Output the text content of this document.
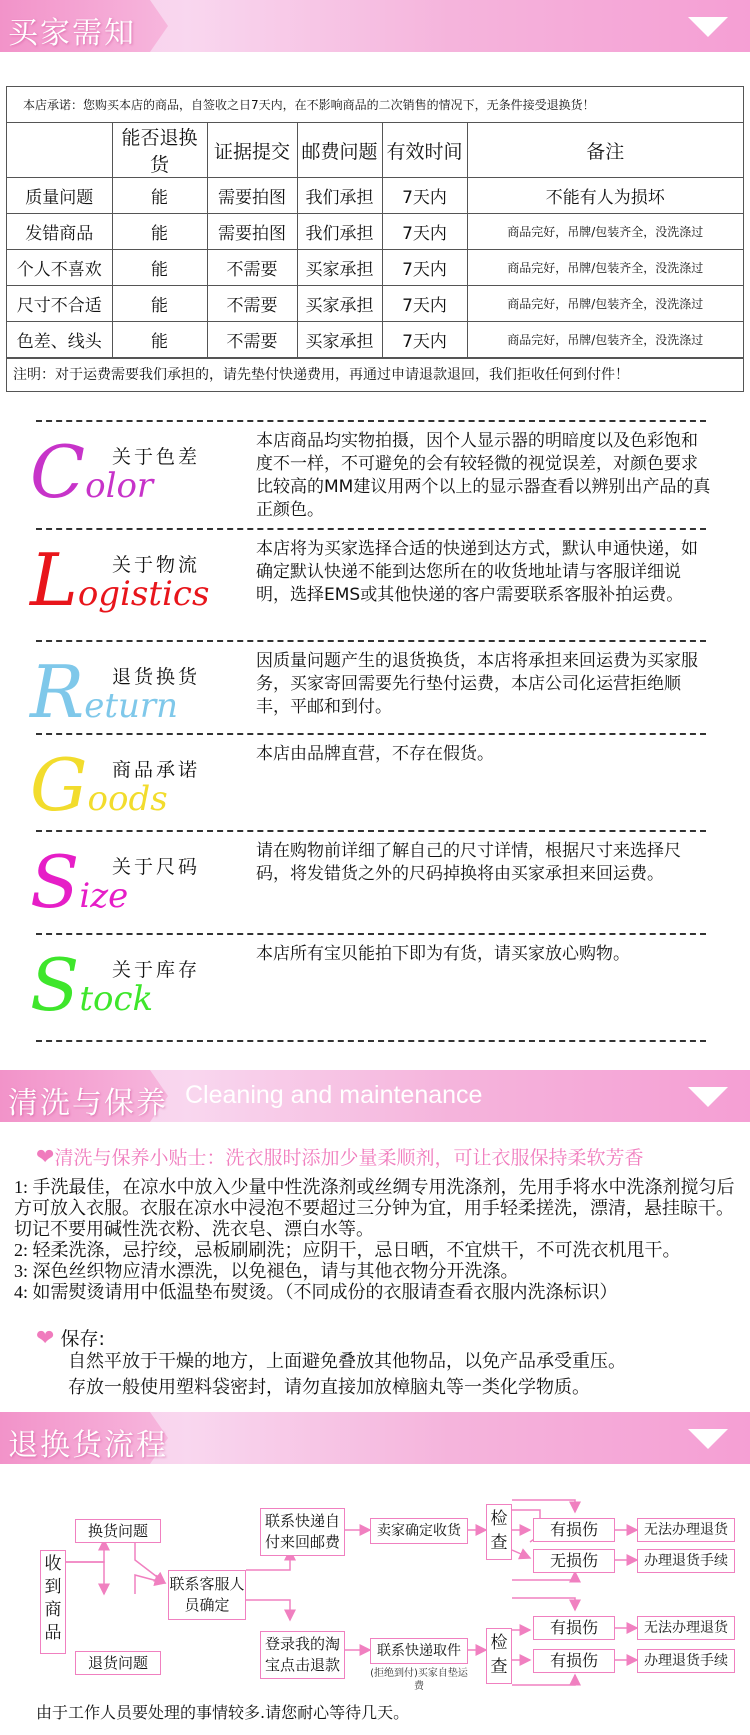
买家需知
本店承诺：您购买本店的商品，自签收之日7天内，在不影响商品的二次销售的情况下，无条件接受退换货！
	能否退换货	证据提交	邮费问题	有效时间	备注
质量问题	能	需要拍图	我们承担	7天内	不能有人为损坏
发错商品	能	需要拍图	我们承担	7天内	商品完好，吊牌/包装齐全，没洗涤过
个人不喜欢	能	不需要	买家承担	7天内	商品完好，吊牌/包装齐全，没洗涤过
尺寸不合适	能	不需要	买家承担	7天内	商品完好，吊牌/包装齐全，没洗涤过
色差、线头	能	不需要	买家承担	7天内	商品完好，吊牌/包装齐全，没洗涤过
注明：对于运费需要我们承担的，请先垫付快递费用，再通过申请退款退回，我们拒收任何到付件！
Color
关于色差
本店商品均实物拍摄，因个人显示器的明暗度以及色彩饱和度不一样，不可避免的会有较轻微的视觉误差，对颜色要求比较高的MM建议用两个以上的显示器查看以辨别出产品的真正颜色。
Logistics
关于物流
本店将为买家选择合适的快递到达方式，默认申通快递，如确定默认快递不能到达您所在的收货地址请与客服详细说明，选择EMS或其他快递的客户需要联系客服补拍运费。
Return
退货换货
因质量问题产生的退货换货，本店将承担来回运费为买家服务，买家寄回需要先行垫付运费，本店公司化运营拒绝顺丰，平邮和到付。
Goods
商品承诺
本店由品牌直营，不存在假货。
Size
关于尺码
请在购物前详细了解自己的尺寸详情，根据尺寸来选择尺码，将发错货之外的尺码掉换将由买家承担来回运费。
Stock
关于库存
本店所有宝贝能拍下即为有货，请买家放心购物。
清洗与保养 Cleaning and maintenance
❤清洗与保养小贴士：洗衣服时添加少量柔顺剂，可让衣服保持柔软芳香
1: 手洗最佳，在凉水中放入少量中性洗涤剂或丝绸专用洗涤剂，先用手将水中洗涤剂搅匀后方可放入衣服。衣服在凉水中浸泡不要超过三分钟为宜，用手轻柔搓洗，漂清，悬挂晾干。切记不要用碱性洗衣粉、洗衣皂、漂白水等。
2: 轻柔洗涤，忌拧绞，忌板刷刷洗；应阴干，忌日晒，不宜烘干，不可洗衣机甩干。
3: 深色丝织物应清水漂洗，以免褪色，请与其他衣物分开洗涤。
4: 如需熨烫请用中低温垫布熨烫。（不同成份的衣服请查看衣服内洗涤标识）
❤ 保存:
自然平放于干燥的地方，上面避免叠放其他物品，以免产品承受重压。
存放一般使用塑料袋密封，请勿直接加放樟脑丸等一类化学物质。
退换货流程
收到商品
换货问题
退货问题
联系客服人员确定
联系快递自付来回邮费
卖家确定收货
登录我的淘宝点击退款
联系快递取件
(拒绝到付)买家自垫运费
检查
检查
有损伤
无损伤
无法办理退货
办理退货手续
有损伤
有损伤
无法办理退货
办理退货手续
由于工作人员要处理的事情较多.请您耐心等待几天。
